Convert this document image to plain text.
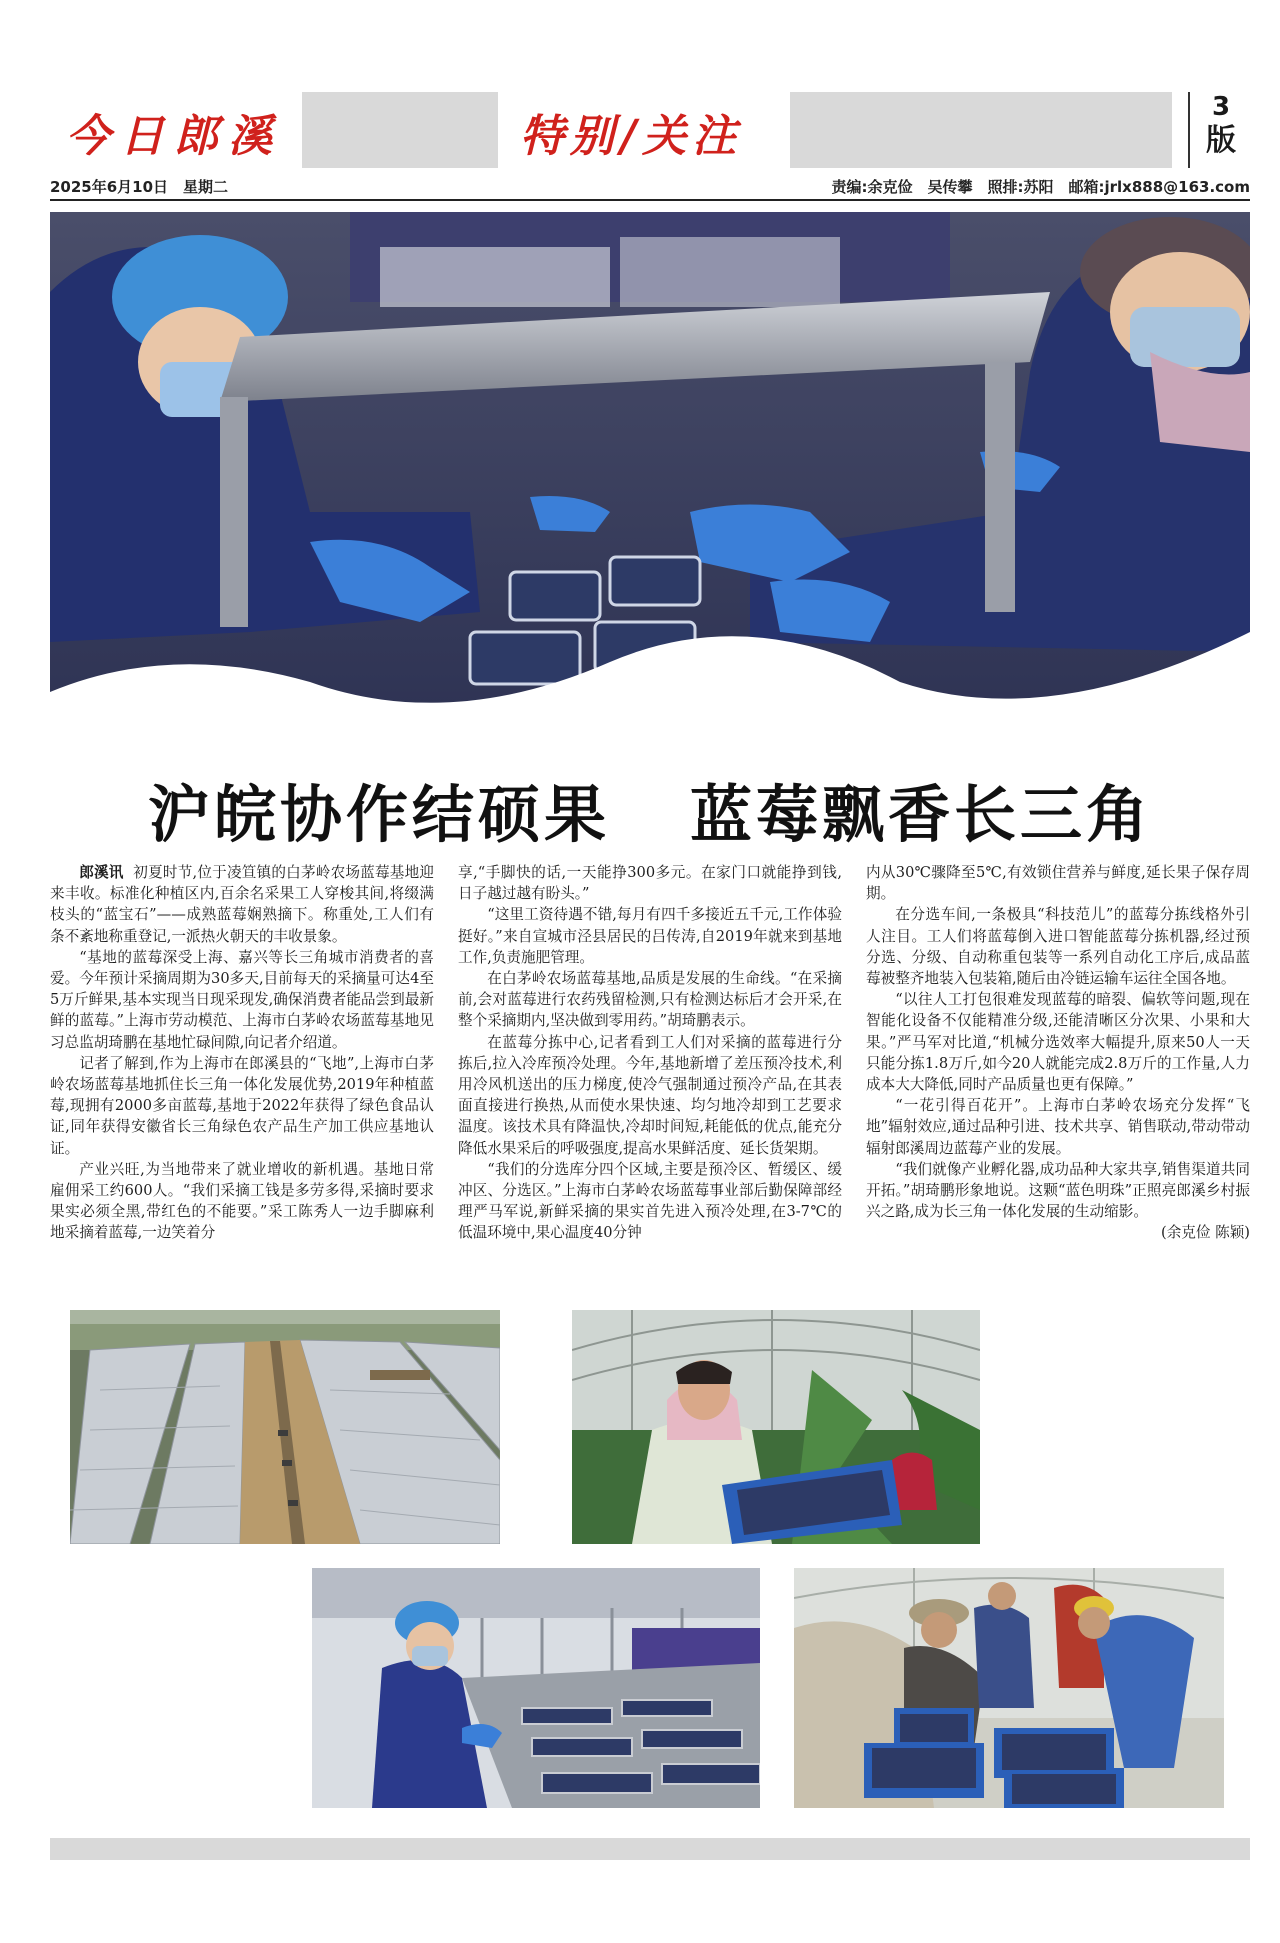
今日郎溪	特别/关注
3
版
2025年6月10日　星期二	责编:余克俭　吴传攀　照排:苏阳　邮箱:jrlx888@163.com
沪皖协作结硕果 蓝莓飘香长三角

郎溪讯 初夏时节,位于凌笪镇的白茅岭农场蓝莓基地迎来丰收。标准化种植区内,百余名采果工人穿梭其间,将缀满枝头的“蓝宝石”——成熟蓝莓娴熟摘下。称重处,工人们有条不紊地称重登记,一派热火朝天的丰收景象。

“基地的蓝莓深受上海、嘉兴等长三角城市消费者的喜爱。今年预计采摘周期为30多天,目前每天的采摘量可达4至5万斤鲜果,基本实现当日现采现发,确保消费者能品尝到最新鲜的蓝莓。”上海市劳动模范、上海市白茅岭农场蓝莓基地见习总监胡琦鹏在基地忙碌间隙,向记者介绍道。

记者了解到,作为上海市在郎溪县的“飞地”,上海市白茅岭农场蓝莓基地抓住长三角一体化发展优势,2019年种植蓝莓,现拥有2000多亩蓝莓,基地于2022年获得了绿色食品认证,同年获得安徽省长三角绿色农产品生产加工供应基地认证。

产业兴旺,为当地带来了就业增收的新机遇。基地日常雇佣采工约600人。“我们采摘工钱是多劳多得,采摘时要求果实必须全黑,带红色的不能要。”采工陈秀人一边手脚麻利地采摘着蓝莓,一边笑着分

享,“手脚快的话,一天能挣300多元。在家门口就能挣到钱,日子越过越有盼头。”

“这里工资待遇不错,每月有四千多接近五千元,工作体验挺好。”来自宣城市泾县居民的吕传涛,自2019年就来到基地工作,负责施肥管理。

在白茅岭农场蓝莓基地,品质是发展的生命线。“在采摘前,会对蓝莓进行农药残留检测,只有检测达标后才会开采,在整个采摘期内,坚决做到零用药。”胡琦鹏表示。

在蓝莓分拣中心,记者看到工人们对采摘的蓝莓进行分拣后,拉入冷库预冷处理。今年,基地新增了差压预冷技术,利用冷风机送出的压力梯度,使冷气强制通过预冷产品,在其表面直接进行换热,从而使水果快速、均匀地冷却到工艺要求温度。该技术具有降温快,冷却时间短,耗能低的优点,能充分降低水果采后的呼吸强度,提高水果鲜活度、延长货架期。

“我们的分选库分四个区域,主要是预冷区、暂缓区、缓冲区、分选区。”上海市白茅岭农场蓝莓事业部后勤保障部经理严马军说,新鲜采摘的果实首先进入预冷处理,在3-7℃的低温环境中,果心温度40分钟

内从30℃骤降至5℃,有效锁住营养与鲜度,延长果子保存周期。

在分选车间,一条极具“科技范儿”的蓝莓分拣线格外引人注目。工人们将蓝莓倒入进口智能蓝莓分拣机器,经过预分选、分级、自动称重包装等一系列自动化工序后,成品蓝莓被整齐地装入包装箱,随后由冷链运输车运往全国各地。

“以往人工打包很难发现蓝莓的暗裂、偏软等问题,现在智能化设备不仅能精准分级,还能清晰区分次果、小果和大果。”严马军对比道,“机械分选效率大幅提升,原来50人一天只能分拣1.8万斤,如今20人就能完成2.8万斤的工作量,人力成本大大降低,同时产品质量也更有保障。”

“一花引得百花开”。上海市白茅岭农场充分发挥“飞地”辐射效应,通过品种引进、技术共享、销售联动,带动带动辐射郎溪周边蓝莓产业的发展。

“我们就像产业孵化器,成功品种大家共享,销售渠道共同开拓。”胡琦鹏形象地说。这颗“蓝色明珠”正照亮郎溪乡村振兴之路,成为长三角一体化发展的生动缩影。

(余克俭 陈颖)
